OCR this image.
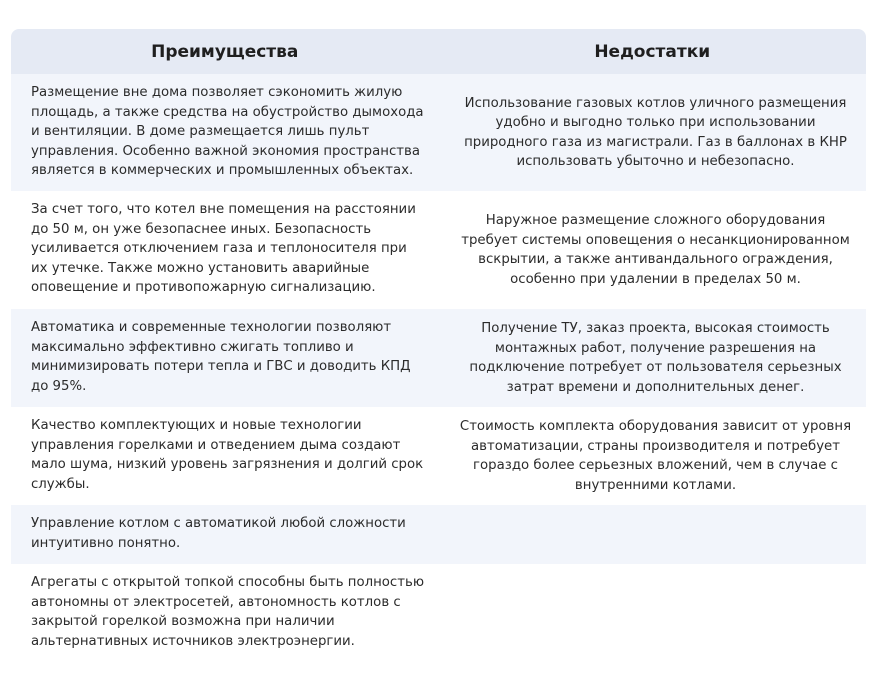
Преимущества	Недостатки
Размещение вне дома позволяет сэкономить жилую площадь, а также средства на обустройство дымохода и вентиляции. В доме размещается лишь пульт управления. Особенно важной экономия пространства является в коммерческих и промышленных объектах.
Использование газовых котлов уличного размещения удобно и выгодно только при использовании природного газа из магистрали. Газ в баллонах в КНР использовать убыточно и небезопасно.
За счет того, что котел вне помещения на расстоянии до 50 м, он уже безопаснее иных. Безопасность усиливается отключением газа и теплоносителя при их утечке. Также можно установить аварийные оповещение и противопожарную сигнализацию.
Наружное размещение сложного оборудования требует системы оповещения о несанкционированном вскрытии, а также антивандального ограждения, особенно при удалении в пределах 50 м.
Автоматика и современные технологии позволяют максимально эффективно сжигать топливо и минимизировать потери тепла и ГВС и доводить КПД до 95%.
Получение ТУ, заказ проекта, высокая стоимость монтажных работ, получение разрешения на подключение потребует от пользователя серьезных затрат времени и дополнительных денег.
Качество комплектующих и новые технологии управления горелками и отведением дыма создают мало шума, низкий уровень загрязнения и долгий срок службы.
Стоимость комплекта оборудования зависит от уровня автоматизации, страны производителя и потребует гораздо более серьезных вложений, чем в случае с внутренними котлами.
Управление котлом с автоматикой любой сложности интуитивно понятно.
Агрегаты с открытой топкой способны быть полностью автономны от электросетей, автономность котлов с закрытой горелкой возможна при наличии альтернативных источников электроэнергии.
